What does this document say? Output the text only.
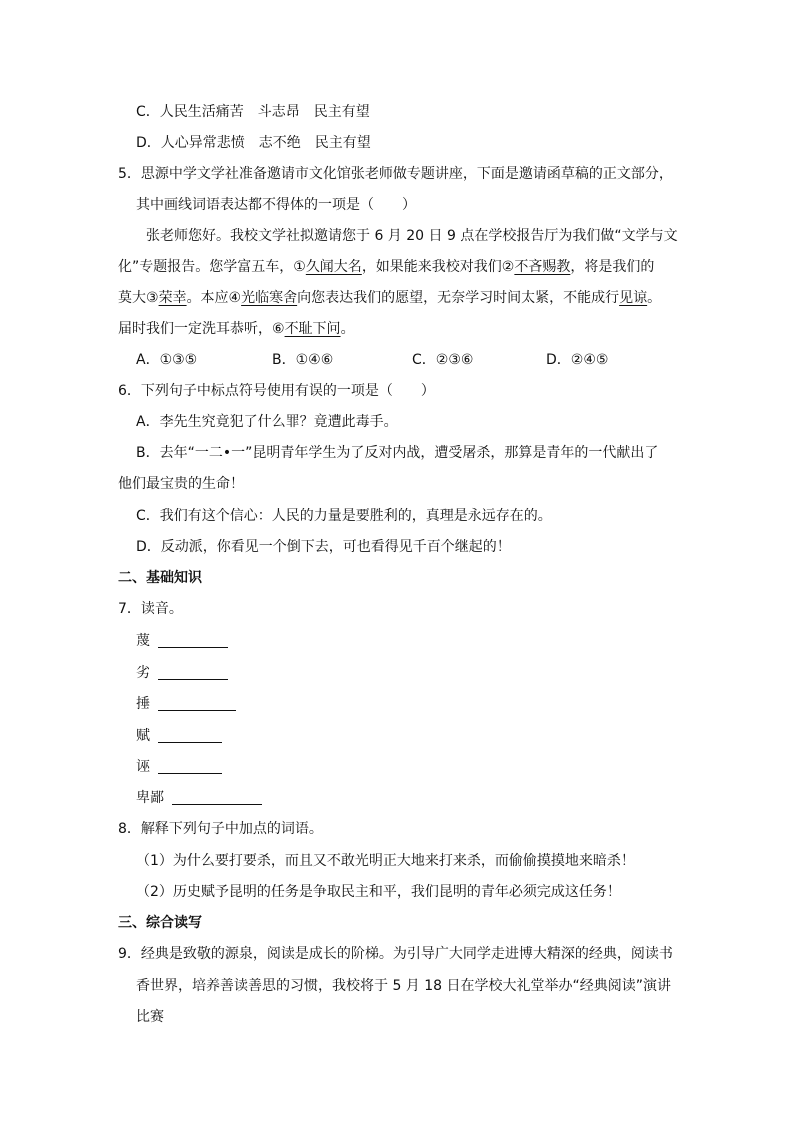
C．人民生活痛苦　斗志昂　民主有望
D．人心异常悲愤　志不绝　民主有望
5．思源中学文学社准备邀请市文化馆张老师做专题讲座，下面是邀请函草稿的正文部分，
其中画线词语表达都不得体的一项是（　　）
张老师您好。我校文学社拟邀请您于 6 月 20 日 9 点在学校报告厅为我们做“文学与文
化”专题报告。您学富五车，①久闻大名，如果能来我校对我们②不吝赐教，将是我们的
莫大③荣幸。本应④光临寒舍向您表达我们的愿望，无奈学习时间太紧，不能成行见谅。
届时我们一定洗耳恭听，⑥不耻下问。
A．①③⑤	B．①④⑥	C．②③⑥	D．②④⑤
6．下列句子中标点符号使用有误的一项是（　　）
A．李先生究竟犯了什么罪？竟遭此毒手。
B．去年“一二•一”昆明青年学生为了反对内战，遭受屠杀，那算是青年的一代献出了
他们最宝贵的生命！
C．我们有这个信心：人民的力量是要胜利的，真理是永远存在的。
D．反动派，你看见一个倒下去，可也看得见千百个继起的！
二、基础知识
7．读音。
蔑
劣
捶
赋
诬
卑鄙
8．解释下列句子中加点的词语。
（1）为什么要打要杀，而且又不敢光明正大地来打来杀，而偷偷摸摸地来暗杀！
（2）历史赋予昆明的任务是争取民主和平，我们昆明的青年必须完成这任务！
三、综合读写
9．经典是致敬的源泉，阅读是成长的阶梯。为引导广大同学走进博大精深的经典，阅读书
香世界，培养善读善思的习惯，我校将于 5 月 18 日在学校大礼堂举办“经典阅读”演讲
比赛
